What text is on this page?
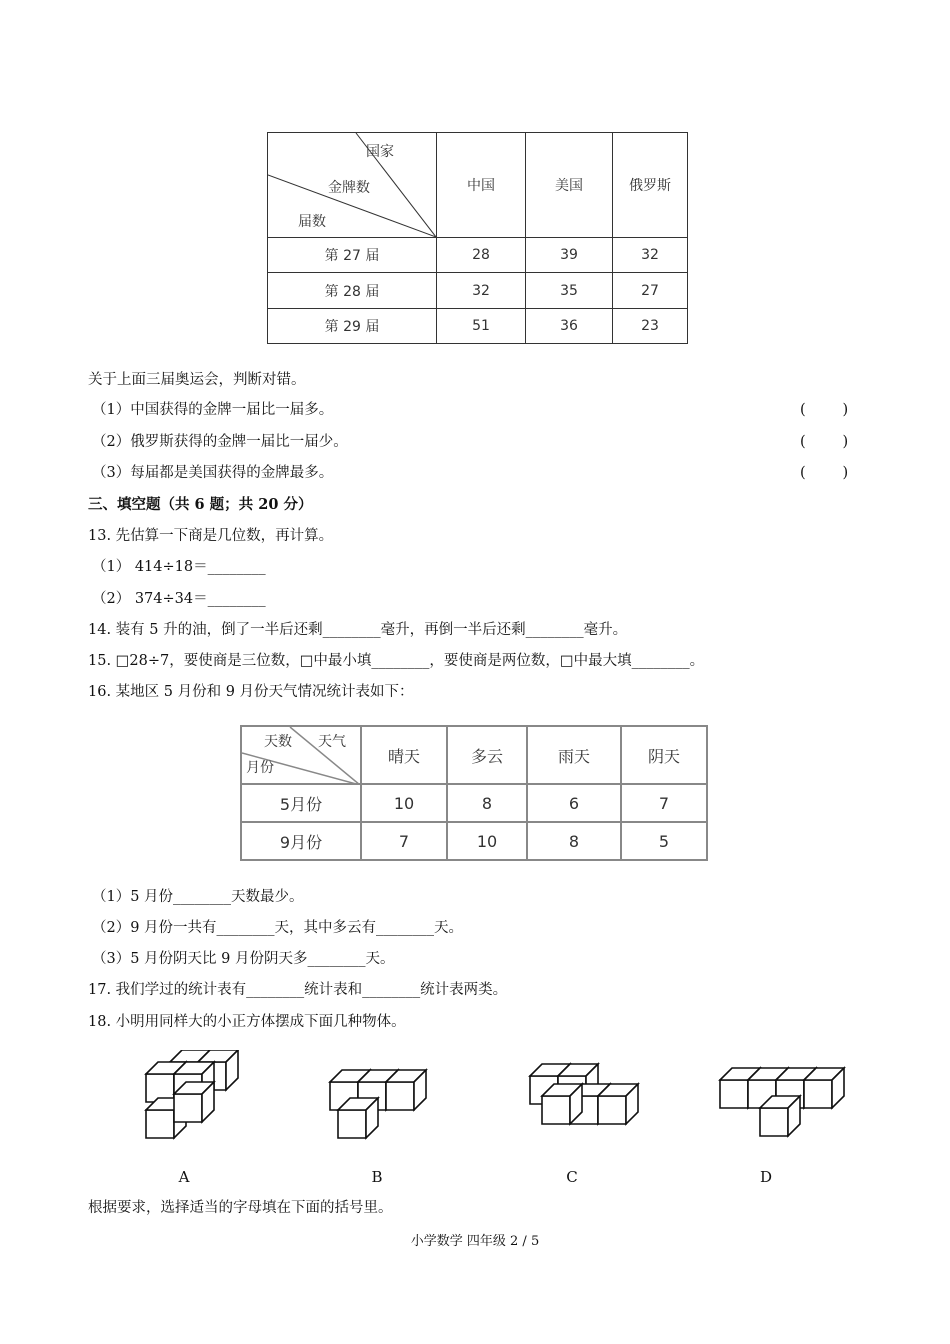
国家
金牌数
届数	中国	美国	俄罗斯
第 27 届	28	39	32
第 28 届	32	35	27
第 29 届	51	36	23
关于上面三届奥运会，判断对错。
（1）中国获得的金牌一届比一届多。	(        )
（2）俄罗斯获得的金牌一届比一届少。	(        )
（3）每届都是美国获得的金牌最多。	(        )
三、填空题（共 6 题；共 20 分）
13. 先估算一下商是几位数，再计算。
（1） 414÷18＝________
（2） 374÷34＝________
14. 装有 5 升的油，倒了一半后还剩________毫升，再倒一半后还剩________毫升。
15. □28÷7，要使商是三位数，□中最小填________，要使商是两位数，□中最大填________。
16. 某地区 5 月份和 9 月份天气情况统计表如下：
天数 天气
月份	晴天	多云	雨天	阴天
5月份	10	8	6	7
9月份	7	10	8	5
（1）5 月份________天数最少。
（2）9 月份一共有________天，其中多云有________天。
（3）5 月份阴天比 9 月份阴天多________天。
17. 我们学过的统计表有________统计表和________统计表两类。
18. 小明用同样大的小正方体摆成下面几种物体。
A	B	C	D
根据要求，选择适当的字母填在下面的括号里。
小学数学 四年级 2 / 5
